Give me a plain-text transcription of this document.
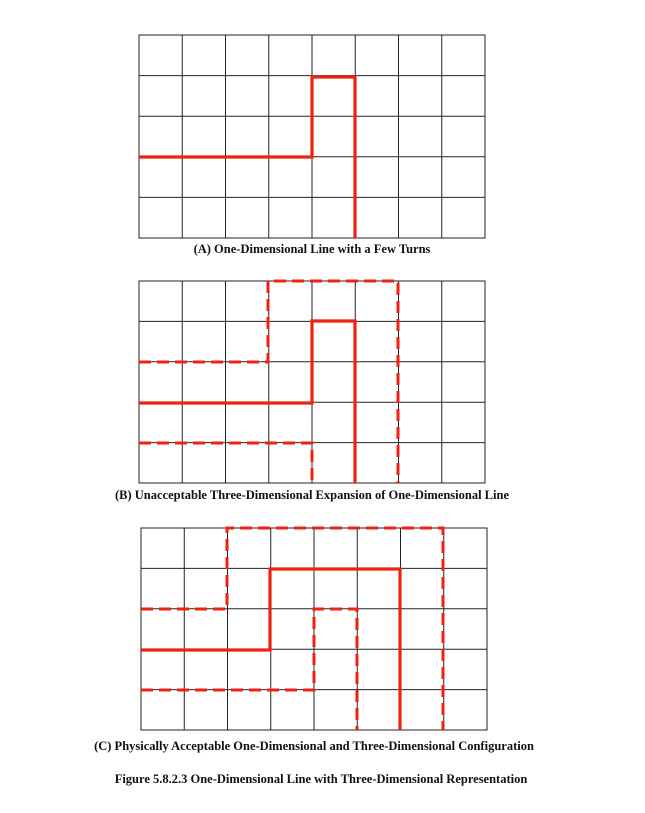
(A) One-Dimensional Line with a Few Turns
(B) Unacceptable Three-Dimensional Expansion of One-Dimensional Line
(C) Physically Acceptable One-Dimensional and Three-Dimensional Configuration
Figure 5.8.2.3 One-Dimensional Line with Three-Dimensional Representation
